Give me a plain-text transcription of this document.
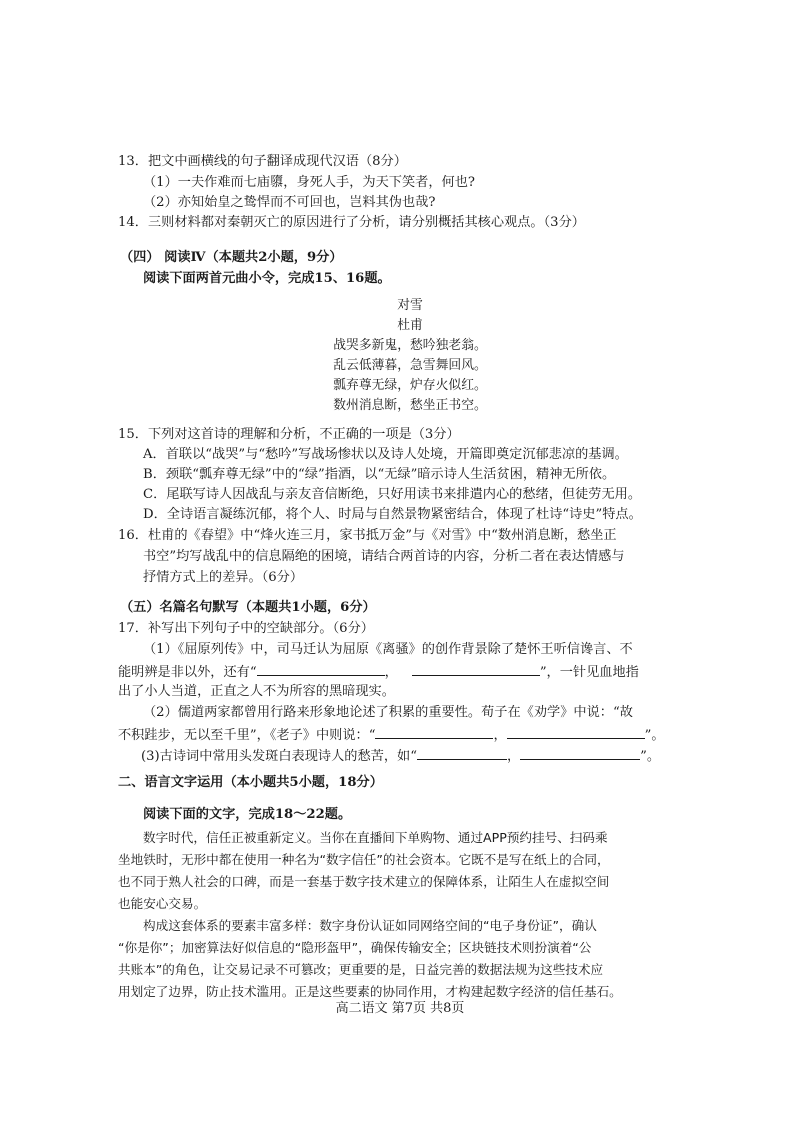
13．把文中画横线的句子翻译成现代汉语（8分）
（1）一夫作难而七庙隳，身死人手，为天下笑者，何也?
（2）亦知始皇之鸷悍而不可回也，岂料其伪也哉?
14．三则材料都对秦朝灭亡的原因进行了分析，请分别概括其核心观点。（3分）
（四） 阅读Ⅳ（本题共2小题，9分）
阅读下面两首元曲小令，完成15、16题。
对雪
杜甫
战哭多新鬼，愁吟独老翁。
乱云低薄暮，急雪舞回风。
瓢弃尊无绿，炉存火似红。
数州消息断，愁坐正书空。
15．下列对这首诗的理解和分析，不正确的一项是（3分）
A．首联以“战哭”与“愁吟”写战场惨状以及诗人处境，开篇即奠定沉郁悲凉的基调。
B．颈联“瓢弃尊无绿”中的“绿”指酒，以“无绿”暗示诗人生活贫困，精神无所依。
C．尾联写诗人因战乱与亲友音信断绝，只好用读书来排遣内心的愁绪，但徒劳无用。
D．全诗语言凝练沉郁，将个人、时局与自然景物紧密结合，体现了杜诗“诗史”特点。
16．杜甫的《春望》中“烽火连三月，家书抵万金”与《对雪》中“数州消息断，愁坐正
书空”均写战乱中的信息隔绝的困境，请结合两首诗的内容，分析二者在表达情感与
抒情方式上的差异。（6分）
（五）名篇名句默写（本题共1小题，6分）
17．补写出下列句子中的空缺部分。（6分）
（1）《屈原列传》中，司马迁认为屈原《离骚》的创作背景除了楚怀王听信谗言、不
能明辨是非以外，还有“	，	”，一针见血地指
出了小人当道，正直之人不为所容的黑暗现实。
（2）儒道两家都曾用行路来形象地论述了积累的重要性。荀子在《劝学》中说：“故
不积跬步，无以至千里”，《老子》中则说：“	，	”。
(3)古诗词中常用头发斑白表现诗人的愁苦，如“	，	”。
二、语言文字运用（本小题共5小题，18分）
阅读下面的文字，完成18～22题。
数字时代，信任正被重新定义。当你在直播间下单购物、通过APP预约挂号、扫码乘
坐地铁时，无形中都在使用一种名为“数字信任”的社会资本。它既不是写在纸上的合同，
也不同于熟人社会的口碑，而是一套基于数字技术建立的保障体系，让陌生人在虚拟空间
也能安心交易。
构成这套体系的要素丰富多样：数字身份认证如同网络空间的“电子身份证”，确认
“你是你”；加密算法好似信息的“隐形盔甲”，确保传输安全；区块链技术则扮演着“公
共账本”的角色，让交易记录不可篡改；更重要的是，日益完善的数据法规为这些技术应
用划定了边界，防止技术滥用。正是这些要素的协同作用，才构建起数字经济的信任基石。
高二语文 第7页 共8页
